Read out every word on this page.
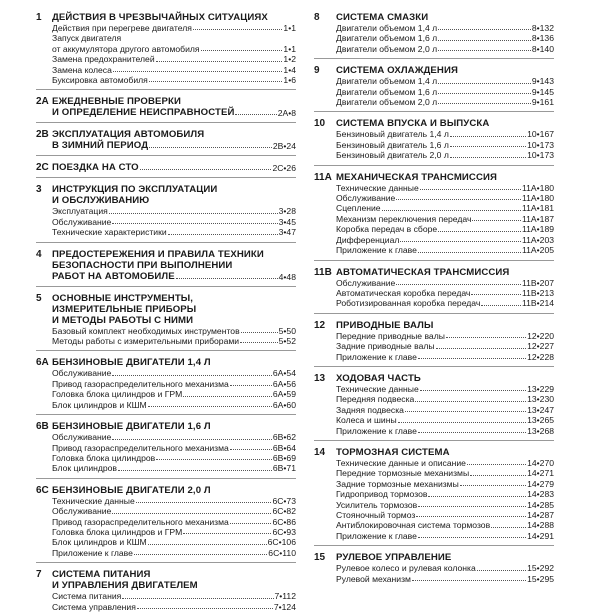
1 ДЕЙСТВИЯ В ЧРЕЗВЫЧАЙНЫХ СИТУАЦИЯХ
Действия при перегреве двигателя	1•1
Запуск двигателя
от аккумулятора другого автомобиля	1•1
Замена предохранителей	1•2
Замена колеса	1•4
Буксировка автомобиля	1•6
2A ЕЖЕДНЕВНЫЕ ПРОВЕРКИ
И ОПРЕДЕЛЕНИЕ НЕИСПРАВНОСТЕЙ	2A•8
2B ЭКСПЛУАТАЦИЯ АВТОМОБИЛЯ
В ЗИМНИЙ ПЕРИОД	2B•24
2C ПОЕЗДКА НА СТО	2C•26
3 ИНСТРУКЦИЯ ПО ЭКСПЛУАТАЦИИ
И ОБСЛУЖИВАНИЮ
Эксплуатация	3•28
Обслуживание	3•45
Технические характеристики	3•47
4 ПРЕДОСТЕРЕЖЕНИЯ И ПРАВИЛА ТЕХНИКИ
БЕЗОПАСНОСТИ ПРИ ВЫПОЛНЕНИИ
РАБОТ НА АВТОМОБИЛЕ	4•48
5 ОСНОВНЫЕ ИНСТРУМЕНТЫ,
ИЗМЕРИТЕЛЬНЫЕ ПРИБОРЫ
И МЕТОДЫ РАБОТЫ С НИМИ
Базовый комплект необходимых инструментов	5•50
Методы работы с измерительными приборами	5•52
6A БЕНЗИНОВЫЕ ДВИГАТЕЛИ 1,4 Л
Обслуживание	6A•54
Привод газораспределительного механизма	6A•56
Головка блока цилиндров и ГРМ	6A•59
Блок цилиндров и КШМ	6A•60
6B БЕНЗИНОВЫЕ ДВИГАТЕЛИ 1,6 Л
Обслуживание	6B•62
Привод газораспределительного механизма	6B•64
Головка блока цилиндров	6B•69
Блок цилиндров	6B•71
6C БЕНЗИНОВЫЕ ДВИГАТЕЛИ 2,0 Л
Технические данные	6C•73
Обслуживание	6C•82
Привод газораспределительного механизма	6C•86
Головка блока цилиндров и ГРМ	6C•93
Блок цилиндров и КШМ	6C•106
Приложение к главе	6C•110
7 СИСТЕМА ПИТАНИЯ
И УПРАВЛЕНИЯ ДВИГАТЕЛЕМ
Система питания	7•112
Система управления	7•124
8 СИСТЕМА СМАЗКИ
Двигатели объемом 1,4 л	8•132
Двигатели объемом 1,6 л	8•136
Двигатели объемом 2,0 л	8•140
9 СИСТЕМА ОХЛАЖДЕНИЯ
Двигатели объемом 1,4 л	9•143
Двигатели объемом 1,6 л	9•145
Двигатели объемом 2,0 л	9•161
10 СИСТЕМА ВПУСКА И ВЫПУСКА
Бензиновый двигатель 1,4 л	10•167
Бензиновый двигатель 1,6 л	10•173
Бензиновый двигатель 2,0 л	10•173
11A МЕХАНИЧЕСКАЯ ТРАНСМИССИЯ
Технические данные	11A•180
Обслуживание	11A•180
Сцепление	11A•181
Механизм переключения передач	11A•187
Коробка передач в сборе	11A•189
Дифференциал	11A•203
Приложение к главе	11A•205
11B АВТОМАТИЧЕСКАЯ ТРАНСМИССИЯ
Обслуживание	11B•207
Автоматическая коробка передач	11B•213
Роботизированная коробка передач	11B•214
12 ПРИВОДНЫЕ ВАЛЫ
Передние приводные валы	12•220
Задние приводные валы	12•227
Приложение к главе	12•228
13 ХОДОВАЯ ЧАСТЬ
Технические данные	13•229
Передняя подвеска	13•230
Задняя подвеска	13•247
Колеса и шины	13•265
Приложение к главе	13•268
14 ТОРМОЗНАЯ СИСТЕМА
Технические данные и описание	14•270
Передние тормозные механизмы	14•271
Задние тормозные механизмы	14•279
Гидропривод тормозов	14•283
Усилитель тормозов	14•285
Стояночный тормоз	14•287
Антиблокировочная система тормозов	14•288
Приложение к главе	14•291
15 РУЛЕВОЕ УПРАВЛЕНИЕ
Рулевое колесо и рулевая колонка	15•292
Рулевой механизм	15•295
